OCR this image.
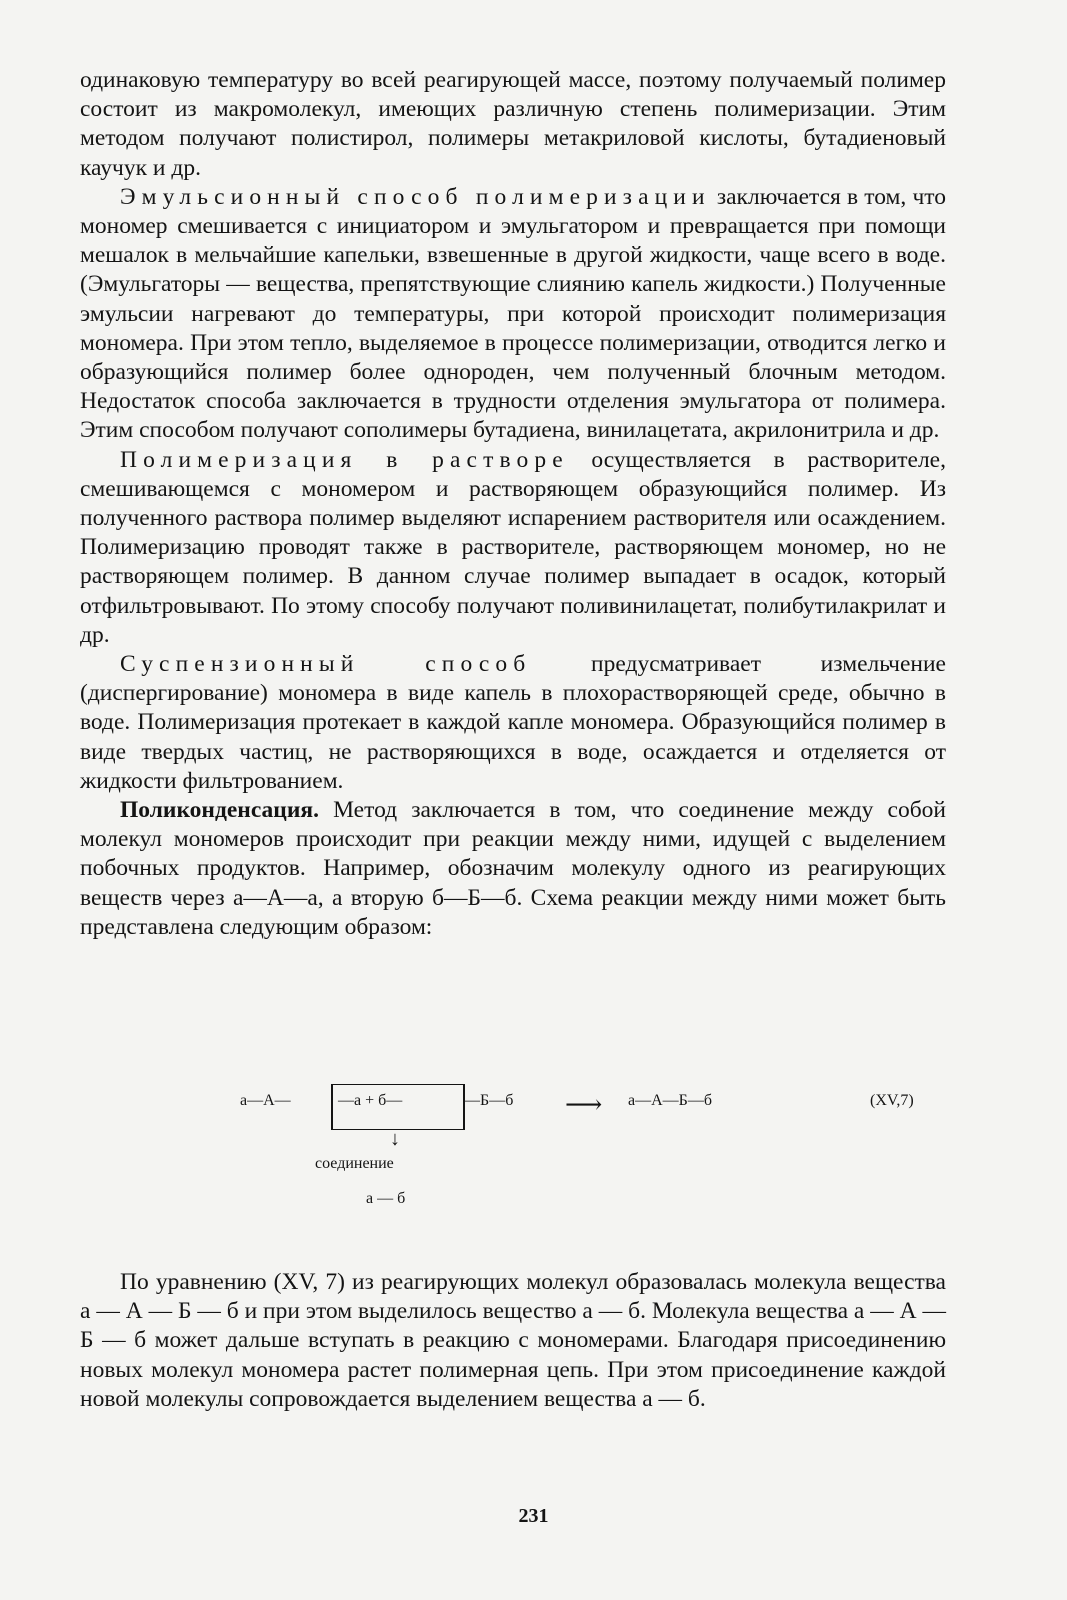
одинаковую температуру во всей реагирующей массе, поэтому получаемый полимер состоит из макромолекул, имеющих различную степень полимеризации. Этим методом получают полистирол, полимеры метакриловой кислоты, бутадиеновый каучук и др.

Эмульсионный способ полимеризации заключается в том, что мономер смешивается с инициатором и эмульгатором и превращается при помощи мешалок в мельчайшие капельки, взвешенные в другой жидкости, чаще всего в воде. (Эмульгаторы — вещества, препятствующие слиянию капель жидкости.) Полученные эмульсии нагревают до температуры, при которой происходит полимеризация мономера. При этом тепло, выделяемое в процессе полимеризации, отводится легко и образующийся полимер более однороден, чем полученный блочным методом. Недостаток способа заключается в трудности отделения эмульгатора от полимера. Этим способом получают сополимеры бутадиена, винилацетата, акрилонитрила и др.

Полимеризация в растворе осуществляется в растворителе, смешивающемся с мономером и растворяющем образующийся полимер. Из полученного раствора полимер выделяют испарением растворителя или осаждением. Полимеризацию проводят также в растворителе, растворяющем мономер, но не растворяющем полимер. В данном случае полимер выпадает в осадок, который отфильтровывают. По этому способу получают поливинилацетат, полибутилакрилат и др.

Суспензионный способ предусматривает измельчение (диспергирование) мономера в виде капель в плохорастворяющей среде, обычно в воде. Полимеризация протекает в каждой капле мономера. Образующийся полимер в виде твердых частиц, не растворяющихся в воде, осаждается и отделяется от жидкости фильтрованием.

Поликонденсация. Метод заключается в том, что соединение между собой молекул мономеров происходит при реакции между ними, идущей с выделением побочных продуктов. Например, обозначим молекулу одного из реагирующих веществ через а—А—а, а вторую б—Б—б. Схема реакции между ними может быть представлена следующим образом:

а—А—	—а + б—	—Б—б ⟶ а—А—Б—б	(XV,7)
↓
соединение
а — б

По уравнению (XV, 7) из реагирующих молекул образовалась молекула вещества а — А — Б — б и при этом выделилось вещество а — б. Молекула вещества а — А — Б — б может дальше вступать в реакцию с мономерами. Благодаря присоединению новых молекул мономера растет полимерная цепь. При этом присоединение каждой новой молекулы сопровождается выделением вещества а — б.

231
